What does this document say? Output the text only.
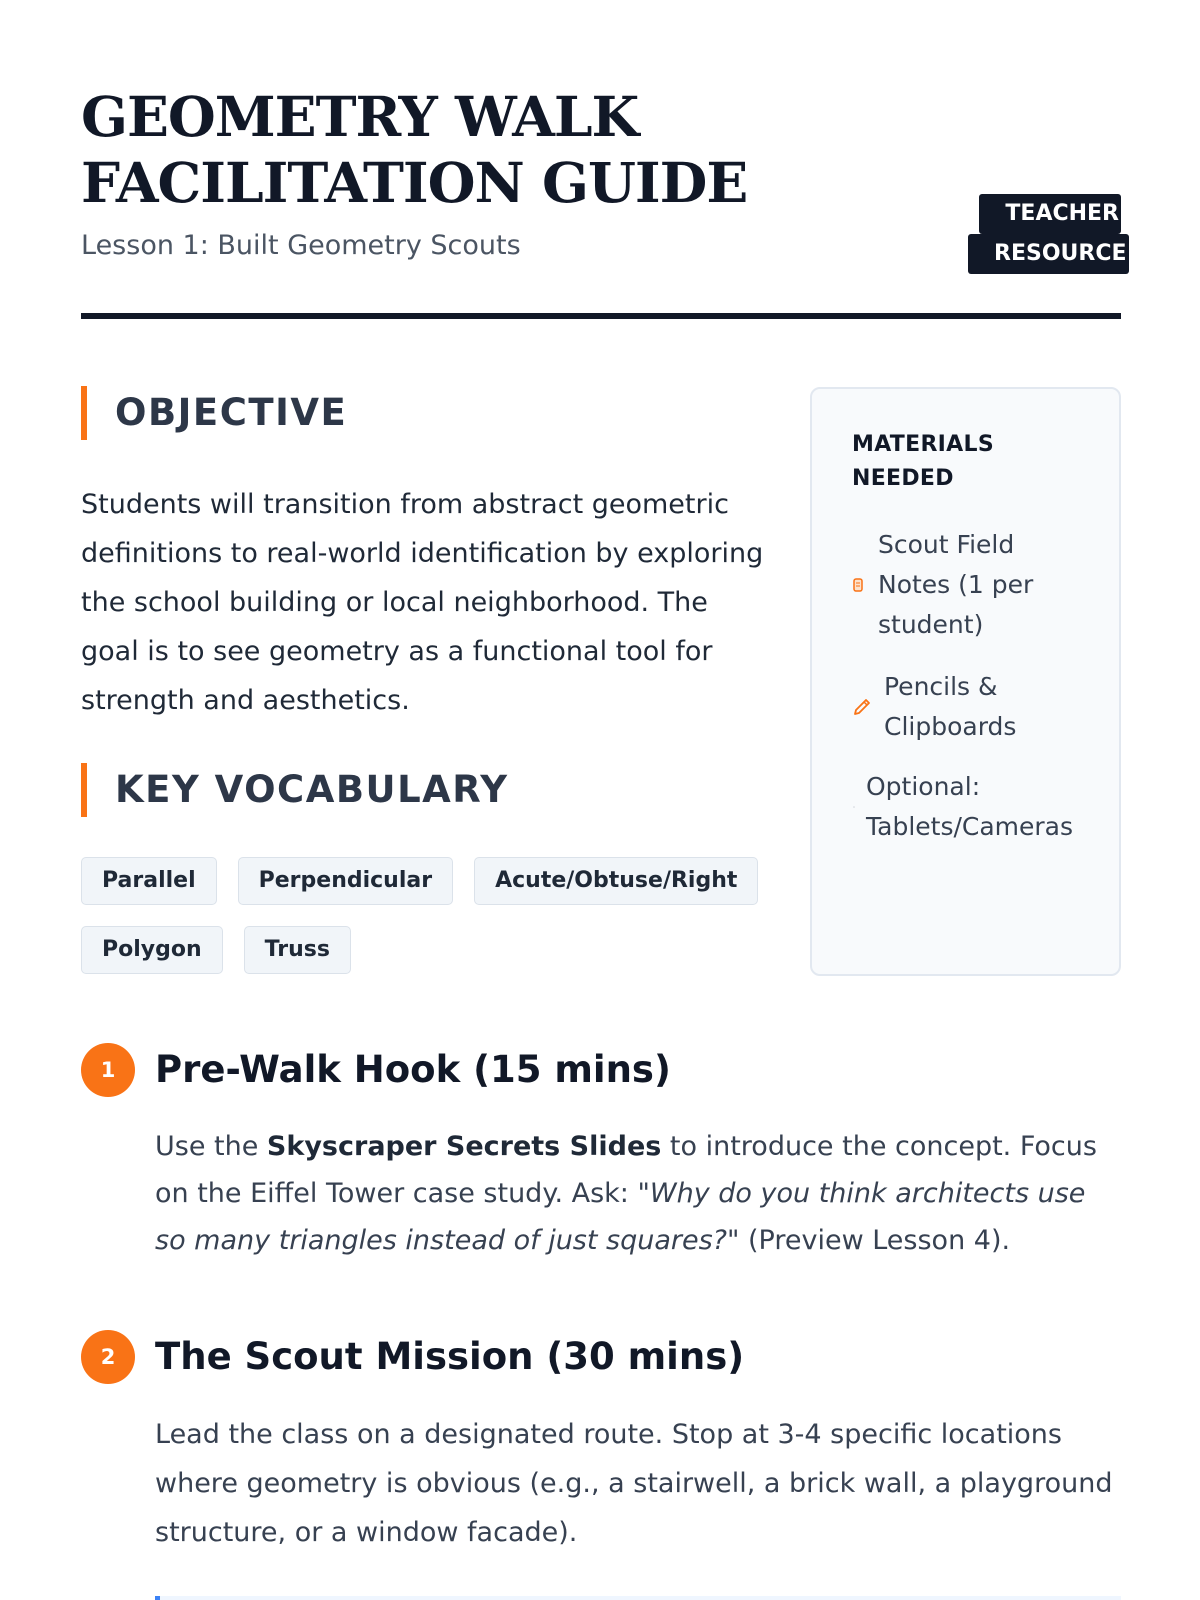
GEOMETRY WALK
FACILITATION GUIDE

Lesson 1: Built Geometry Scouts

TEACHER
RESOURCE
OBJECTIVE

Students will transition from abstract geometric definitions to real-world identification by exploring the school building or local neighborhood. The goal is to see geometry as a functional tool for strength and aesthetics.

KEY VOCABULARY
Parallel	Perpendicular	Acute/Obtuse/Right
Polygon	Truss
MATERIALS
NEEDED
Scout Field
Notes (1 per
student)
Pencils &
Clipboards
Optional:
Tablets/Cameras
1	Pre-Walk Hook (15 mins)

Use the Skyscraper Secrets Slides to introduce the concept. Focus on the Eiffel Tower case study. Ask: "Why do you think architects use so many triangles instead of just squares?" (Preview Lesson 4).

2	The Scout Mission (30 mins)

Lead the class on a designated route. Stop at 3-4 specific locations where geometry is obvious (e.g., a stairwell, a brick wall, a playground structure, or a window facade).
